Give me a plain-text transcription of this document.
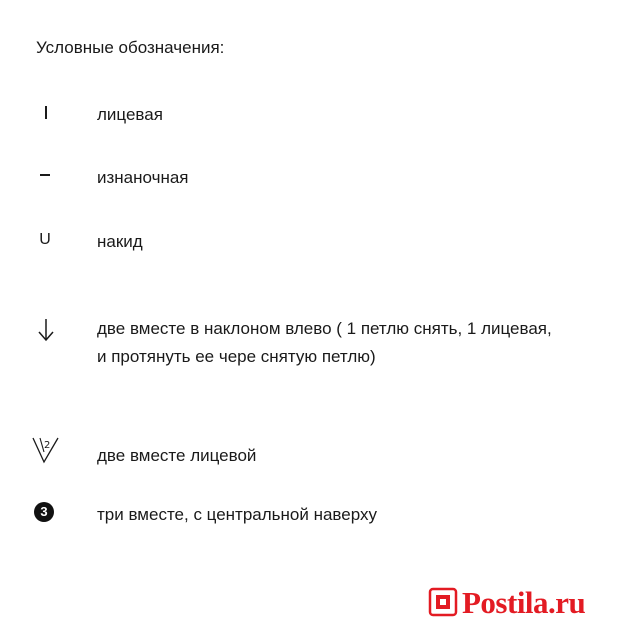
Условные обозначения:
лицевая
изнаночная
U	накид
две вместе в наклоном влево ( 1 петлю снять, 1 лицевая,
и протянуть ее чере снятую петлю)
2
две вместе лицевой
3	три вместе, с центральной наверху
Postila.ru
